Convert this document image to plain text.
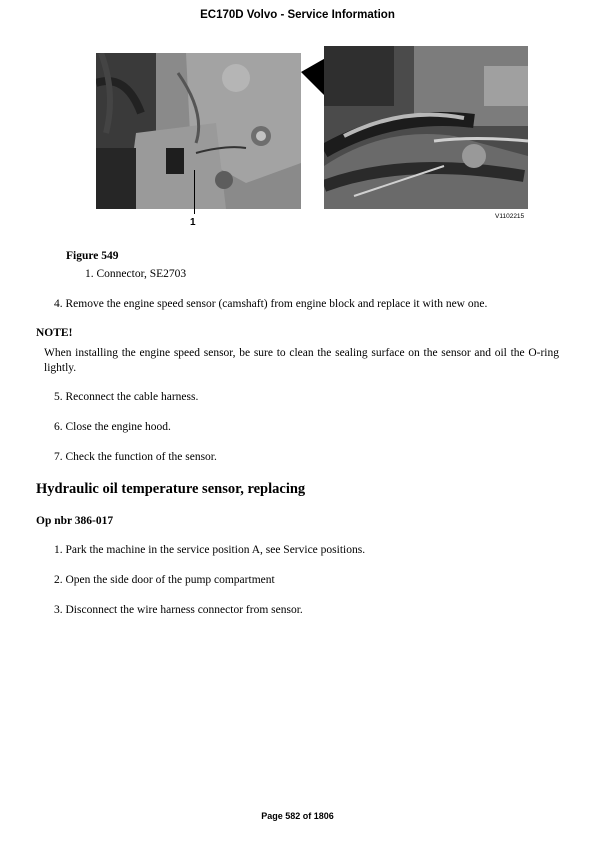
EC170D Volvo - Service Information
1
V1102215
Figure 549
1. Connector, SE2703
4. Remove the engine speed sensor (camshaft) from engine block and replace it with new one.
NOTE!
When installing the engine speed sensor, be sure to clean the sealing surface on the sensor and oil the O-ring lightly.
5. Reconnect the cable harness.
6. Close the engine hood.
7. Check the function of the sensor.
Hydraulic oil temperature sensor, replacing
Op nbr 386-017
1. Park the machine in the service position A, see Service positions.
2. Open the side door of the pump compartment
3. Disconnect the wire harness connector from sensor.
Page 582 of 1806
